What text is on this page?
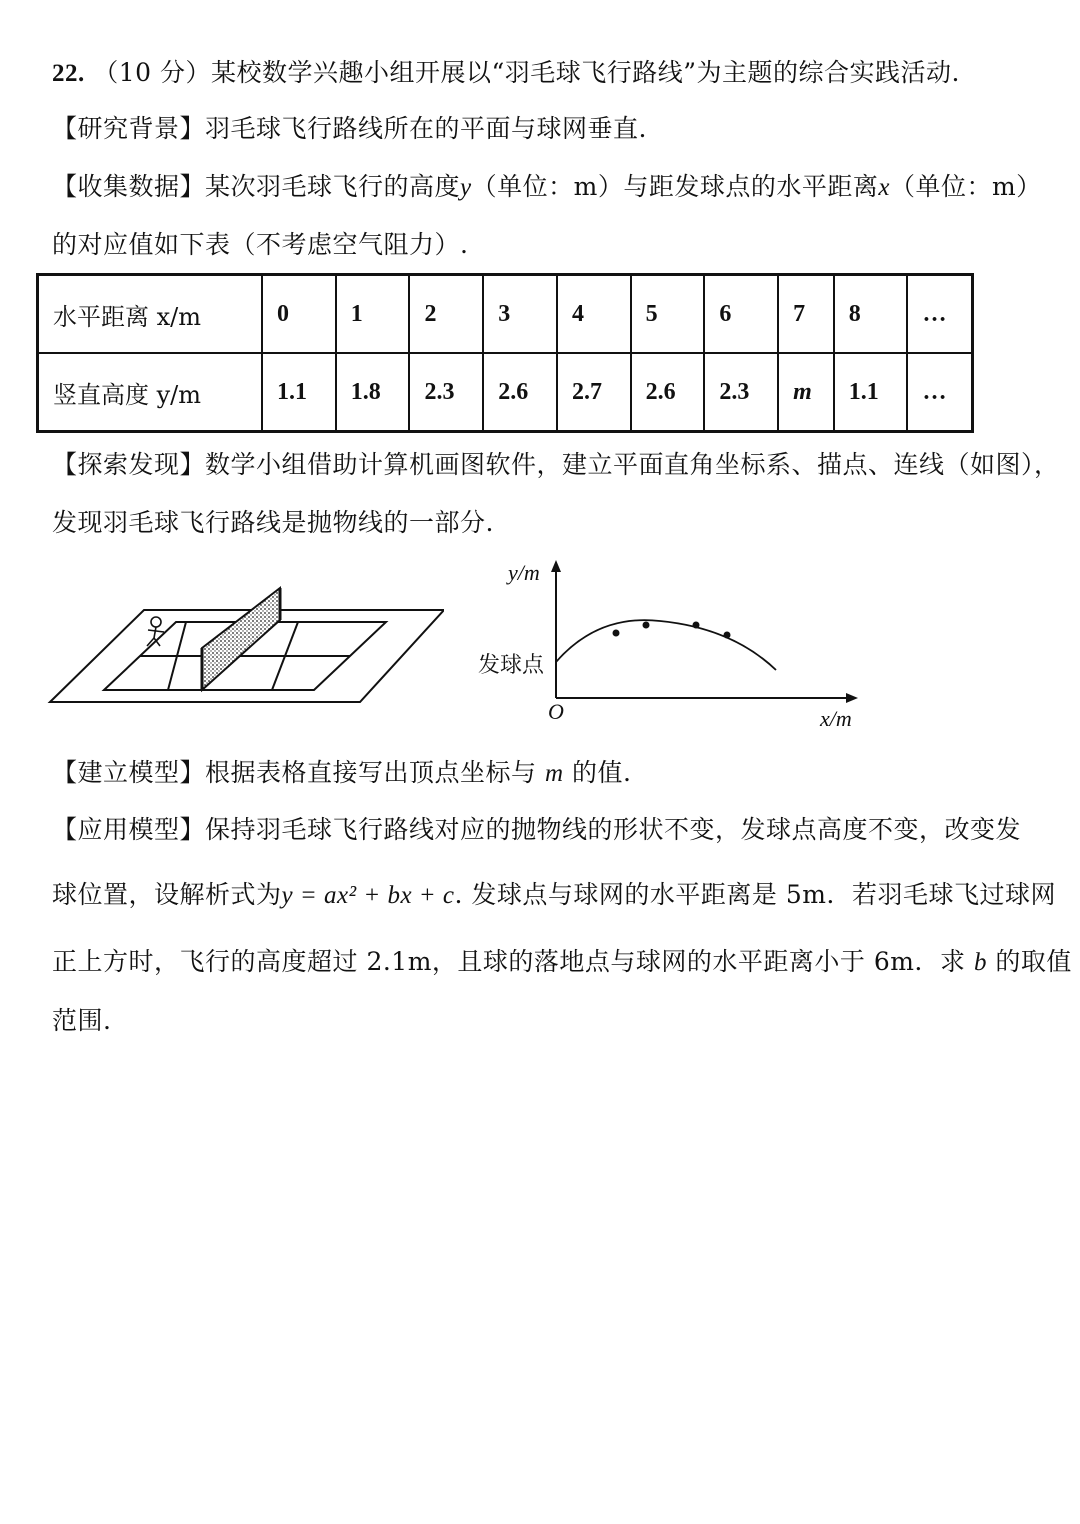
22. （10 分）某校数学兴趣小组开展以“羽毛球飞行路线”为主题的综合实践活动.
【研究背景】羽毛球飞行路线所在的平面与球网垂直.
【收集数据】某次羽毛球飞行的高度y（单位：m）与距发球点的水平距离x（单位：m）
的对应值如下表（不考虑空气阻力）.
水平距离 x/m	0	1	2	3	4	5	6	7	8	…
竖直高度 y/m	1.1	1.8	2.3	2.6	2.7	2.6	2.3	m	1.1	…
【探索发现】数学小组借助计算机画图软件，建立平面直角坐标系、描点、连线（如图），
发现羽毛球飞行路线是抛物线的一部分.
y/m
x/m
O
发球点
【建立模型】根据表格直接写出顶点坐标与 m 的值.
【应用模型】保持羽毛球飞行路线对应的抛物线的形状不变，发球点高度不变，改变发
球位置，设解析式为y = ax² + bx + c. 发球点与球网的水平距离是 5m．若羽毛球飞过球网
正上方时，飞行的高度超过 2.1m，且球的落地点与球网的水平距离小于 6m．求 b 的取值
范围.
